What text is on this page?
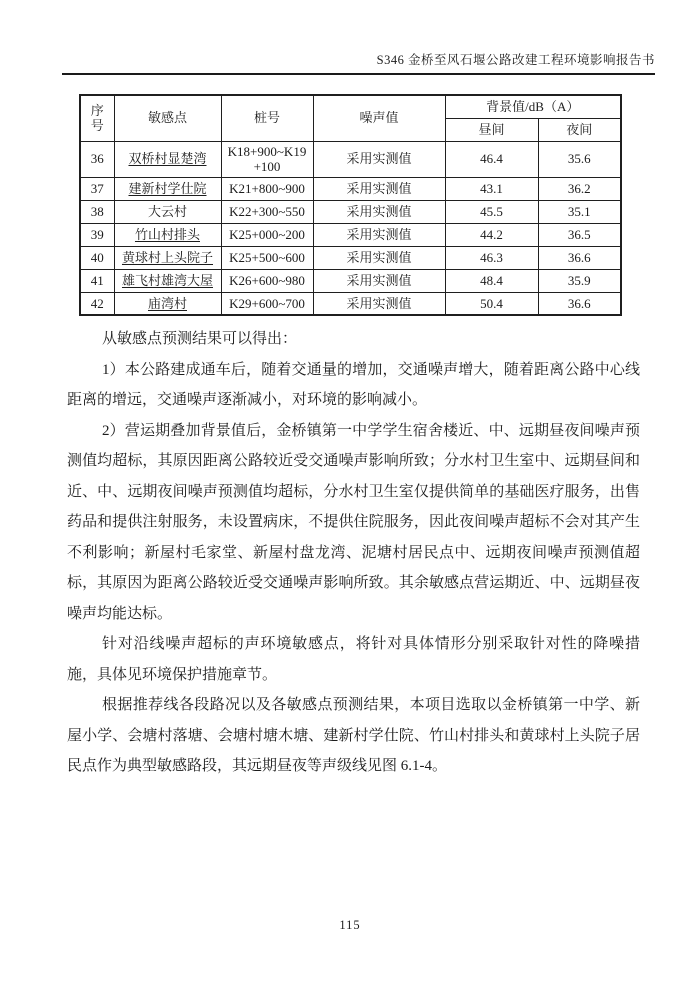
S346 金桥至风石堰公路改建工程环境影响报告书
序号	敏感点	桩号	噪声值	背景值/dB（A）	
				昼间	夜间
36	双桥村显楚湾	K18+900~K19+100	采用实测值	46.4	35.6
37	建新村学仕院	K21+800~900	采用实测值	43.1	36.2
38	大云村	K22+300~550	采用实测值	45.5	35.1
39	竹山村排头	K25+000~200	采用实测值	44.2	36.5
40	黄球村上头院子	K25+500~600	采用实测值	46.3	36.6
41	雄飞村雄湾大屋	K26+600~980	采用实测值	48.4	35.9
42	庙湾村	K29+600~700	采用实测值	50.4	36.6

从敏感点预测结果可以得出：

1）本公路建成通车后，随着交通量的增加，交通噪声增大，随着距离公路中心线距离的增远，交通噪声逐渐减小，对环境的影响减小。

2）营运期叠加背景值后，金桥镇第一中学学生宿舍楼近、中、远期昼夜间噪声预测值均超标，其原因距离公路较近受交通噪声影响所致；分水村卫生室中、远期昼间和近、中、远期夜间噪声预测值均超标，分水村卫生室仅提供简单的基础医疗服务，出售药品和提供注射服务，未设置病床，不提供住院服务，因此夜间噪声超标不会对其产生不利影响；新屋村毛家堂、新屋村盘龙湾、泥塘村居民点中、远期夜间噪声预测值超标，其原因为距离公路较近受交通噪声影响所致。其余敏感点营运期近、中、远期昼夜噪声均能达标。

针对沿线噪声超标的声环境敏感点，将针对具体情形分别采取针对性的降噪措施，具体见环境保护措施章节。

根据推荐线各段路况以及各敏感点预测结果，本项目选取以金桥镇第一中学、新屋小学、会塘村落塘、会塘村塘木塘、建新村学仕院、竹山村排头和黄球村上头院子居民点作为典型敏感路段，其远期昼夜等声级线见图 6.1-4。

115
